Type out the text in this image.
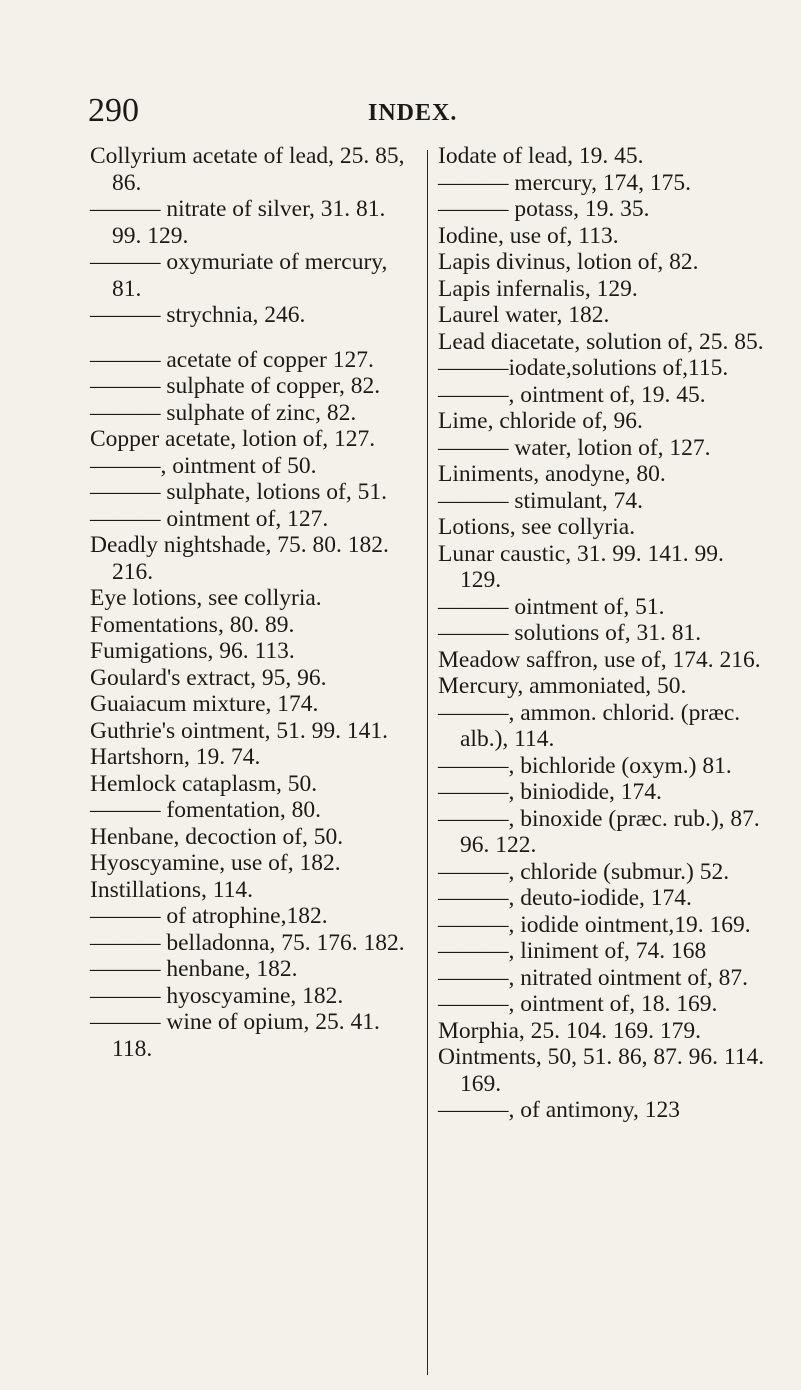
290	INDEX.
Collyrium acetate of lead, 25. 85, 86.
——— nitrate of silver, 31. 81. 99. 129.
——— oxymuriate of mercury, 81.
——— strychnia, 246.
——— acetate of copper 127.
——— sulphate of copper, 82.
——— sulphate of zinc, 82.
Copper acetate, lotion of, 127.
———, ointment of 50.
——— sulphate, lotions of, 51.
——— ointment of, 127.
Deadly nightshade, 75. 80. 182. 216.
Eye lotions, see collyria.
Fomentations, 80. 89.
Fumigations, 96. 113.
Goulard's extract, 95, 96.
Guaiacum mixture, 174.
Guthrie's ointment, 51. 99. 141.
Hartshorn, 19. 74.
Hemlock cataplasm, 50.
——— fomentation, 80.
Henbane, decoction of, 50.
Hyoscyamine, use of, 182.
Instillations, 114.
——— of atrophine,182.
——— belladonna, 75. 176. 182.
——— henbane, 182.
——— hyoscyamine, 182.
——— wine of opium, 25. 41. 118.
Iodate of lead, 19. 45.
——— mercury, 174, 175.
——— potass, 19. 35.
Iodine, use of, 113.
Lapis divinus, lotion of, 82.
Lapis infernalis, 129.
Laurel water, 182.
Lead diacetate, solution of, 25. 85.
———iodate,solutions of,115.
———, ointment of, 19. 45.
Lime, chloride of, 96.
——— water, lotion of, 127.
Liniments, anodyne, 80.
——— stimulant, 74.
Lotions, see collyria.
Lunar caustic, 31. 99. 141. 99. 129.
——— ointment of, 51.
——— solutions of, 31. 81.
Meadow saffron, use of, 174. 216.
Mercury, ammoniated, 50.
———, ammon. chlorid. (præc. alb.), 114.
———, bichloride (oxym.) 81.
———, biniodide, 174.
———, binoxide (præc. rub.), 87. 96. 122.
———, chloride (submur.) 52.
———, deuto-iodide, 174.
———, iodide ointment,19. 169.
———, liniment of, 74. 168
———, nitrated ointment of, 87.
———, ointment of, 18. 169.
Morphia, 25. 104. 169. 179.
Ointments, 50, 51. 86, 87. 96. 114. 169.
———, of antimony, 123
